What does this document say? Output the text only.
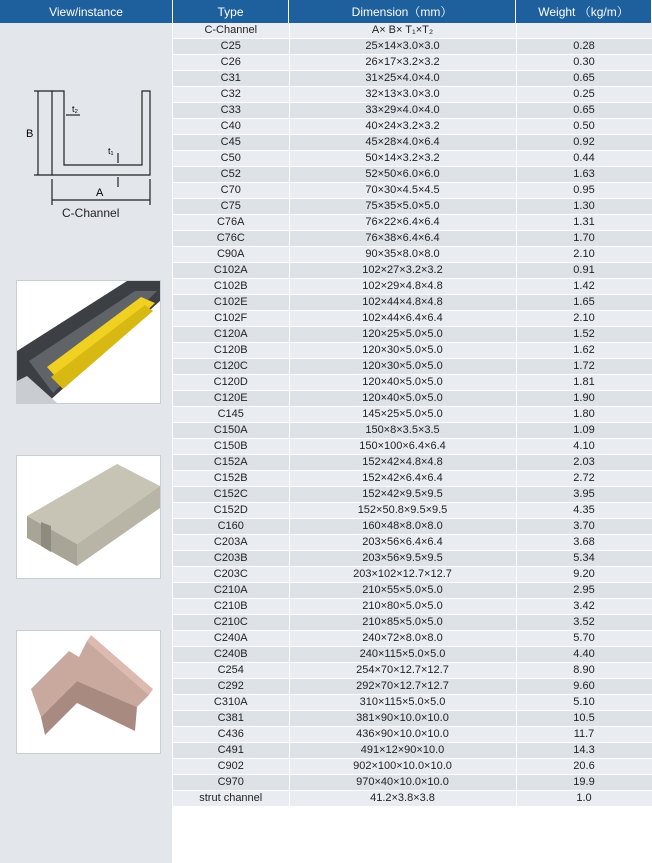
View/instance	Type	Dimension（mm）	Weight （kg/m）
B
A
t₁
t₂
C-Channel
C-Channel	A× B× T₁×T₂	
C25	25×14×3.0×3.0	0.28
C26	26×17×3.2×3.2	0.30
C31	31×25×4.0×4.0	0.65
C32	32×13×3.0×3.0	0.25
C33	33×29×4.0×4.0	0.65
C40	40×24×3.2×3.2	0.50
C45	45×28×4.0×6.4	0.92
C50	50×14×3.2×3.2	0.44
C52	52×50×6.0×6.0	1.63
C70	70×30×4.5×4.5	0.95
C75	75×35×5.0×5.0	1.30
C76A	76×22×6.4×6.4	1.31
C76C	76×38×6.4×6.4	1.70
C90A	90×35×8.0×8.0	2.10
C102A	102×27×3.2×3.2	0.91
C102B	102×29×4.8×4.8	1.42
C102E	102×44×4.8×4.8	1.65
C102F	102×44×6.4×6.4	2.10
C120A	120×25×5.0×5.0	1.52
C120B	120×30×5.0×5.0	1.62
C120C	120×30×5.0×5.0	1.72
C120D	120×40×5.0×5.0	1.81
C120E	120×40×5.0×5.0	1.90
C145	145×25×5.0×5.0	1.80
C150A	150×8×3.5×3.5	1.09
C150B	150×100×6.4×6.4	4.10
C152A	152×42×4.8×4.8	2.03
C152B	152×42×6.4×6.4	2.72
C152C	152×42×9.5×9.5	3.95
C152D	152×50.8×9.5×9.5	4.35
C160	160×48×8.0×8.0	3.70
C203A	203×56×6.4×6.4	3.68
C203B	203×56×9.5×9.5	5.34
C203C	203×102×12.7×12.7	9.20
C210A	210×55×5.0×5.0	2.95
C210B	210×80×5.0×5.0	3.42
C210C	210×85×5.0×5.0	3.52
C240A	240×72×8.0×8.0	5.70
C240B	240×115×5.0×5.0	4.40
C254	254×70×12.7×12.7	8.90
C292	292×70×12.7×12.7	9.60
C310A	310×115×5.0×5.0	5.10
C381	381×90×10.0×10.0	10.5
C436	436×90×10.0×10.0	11.7
C491	491×12×90×10.0	14.3
C902	902×100×10.0×10.0	20.6
C970	970×40×10.0×10.0	19.9
strut channel	41.2×3.8×3.8	1.0
